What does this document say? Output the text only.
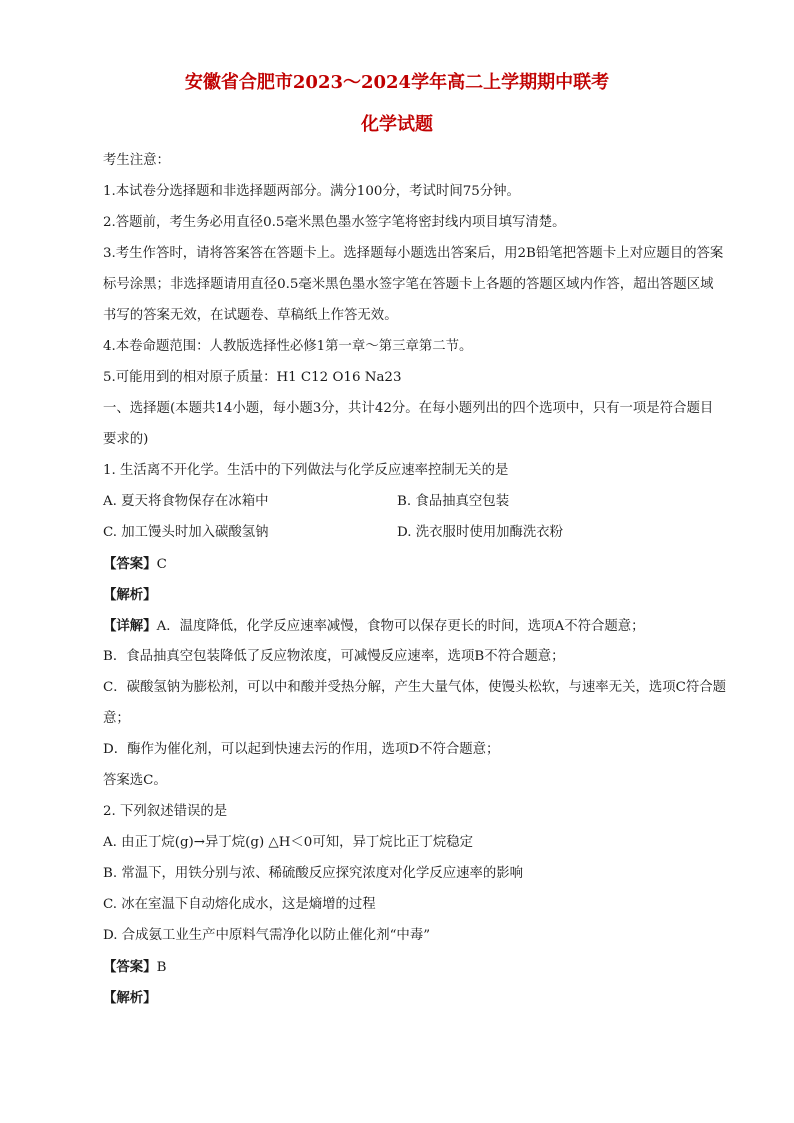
安徽省合肥市2023～2024学年高二上学期期中联考
化学试题
考生注意：
1.本试卷分选择题和非选择题两部分。满分100分，考试时间75分钟。
2.答题前，考生务必用直径0.5毫米黑色墨水签字笔将密封线内项目填写清楚。
3.考生作答时，请将答案答在答题卡上。选择题每小题选出答案后，用2B铅笔把答题卡上对应题目的答案
标号涂黑；非选择题请用直径0.5毫米黑色墨水签字笔在答题卡上各题的答题区域内作答，超出答题区域
书写的答案无效，在试题卷、草稿纸上作答无效。
4.本卷命题范围：人教版选择性必修1第一章～第三章第二节。
5.可能用到的相对原子质量：H1 C12 O16 Na23
一、选择题(本题共14小题，每小题3分，共计42分。在每小题列出的四个选项中，只有一项是符合题目
要求的)
1. 生活离不开化学。生活中的下列做法与化学反应速率控制无关的是
A. 夏天将食物保存在冰箱中	B. 食品抽真空包装
C. 加工馒头时加入碳酸氢钠	D. 洗衣服时使用加酶洗衣粉
【答案】C
【解析】
【详解】A．温度降低，化学反应速率减慢，食物可以保存更长的时间，选项A不符合题意；
B．食品抽真空包装降低了反应物浓度，可减慢反应速率，选项B不符合题意；
C．碳酸氢钠为膨松剂，可以中和酸并受热分解，产生大量气体，使馒头松软，与速率无关，选项C符合题
意；
D．酶作为催化剂，可以起到快速去污的作用，选项D不符合题意；
答案选C。
2. 下列叙述错误的是
A. 由正丁烷(g)→异丁烷(g) △H＜0可知，异丁烷比正丁烷稳定
B. 常温下，用铁分别与浓、稀硫酸反应探究浓度对化学反应速率的影响
C. 冰在室温下自动熔化成水，这是熵增的过程
D. 合成氨工业生产中原料气需净化以防止催化剂“中毒”
【答案】B
【解析】
